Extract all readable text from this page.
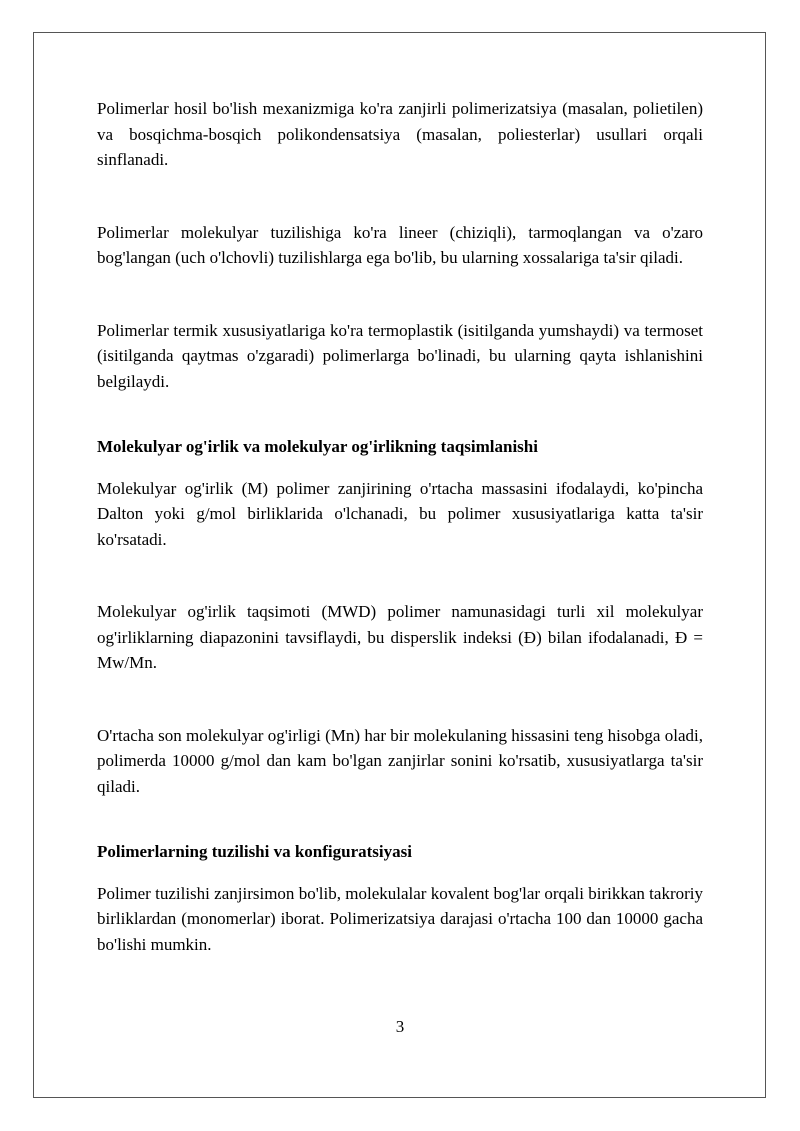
Polimerlar hosil bo'lish mexanizmiga ko'ra zanjirli polimerizatsiya (masalan, polietilen) va bosqichma-bosqich polikondensatsiya (masalan, poliesterlar) usullari orqali sinflanadi.

Polimerlar molekulyar tuzilishiga ko'ra lineer (chiziqli), tarmoqlangan va o'zaro bog'langan (uch o'lchovli) tuzilishlarga ega bo'lib, bu ularning xossalariga ta'sir qiladi.

Polimerlar termik xususiyatlariga ko'ra termoplastik (isitilganda yumshaydi) va termoset (isitilganda qaytmas o'zgaradi) polimerlarga bo'linadi, bu ularning qayta ishlanishini belgilaydi.

Molekulyar og'irlik va molekulyar og'irlikning taqsimlanishi

Molekulyar og'irlik (M) polimer zanjirining o'rtacha massasini ifodalaydi, ko'pincha Dalton yoki g/mol birliklarida o'lchanadi, bu polimer xususiyatlariga katta ta'sir ko'rsatadi.

Molekulyar og'irlik taqsimoti (MWD) polimer namunasidagi turli xil molekulyar og'irliklarning diapazonini tavsiflaydi, bu disperslik indeksi (Đ) bilan ifodalanadi, Đ = Mw/Mn.

O'rtacha son molekulyar og'irligi (Mn) har bir molekulaning hissasini teng hisobga oladi, polimerda 10000 g/mol dan kam bo'lgan zanjirlar sonini ko'rsatib, xususiyatlarga ta'sir qiladi.

Polimerlarning tuzilishi va konfiguratsiyasi

Polimer tuzilishi zanjirsimon bo'lib, molekulalar kovalent bog'lar orqali birikkan takroriy birliklardan (monomerlar) iborat. Polimerizatsiya darajasi o'rtacha 100 dan 10000 gacha bo'lishi mumkin.

3
